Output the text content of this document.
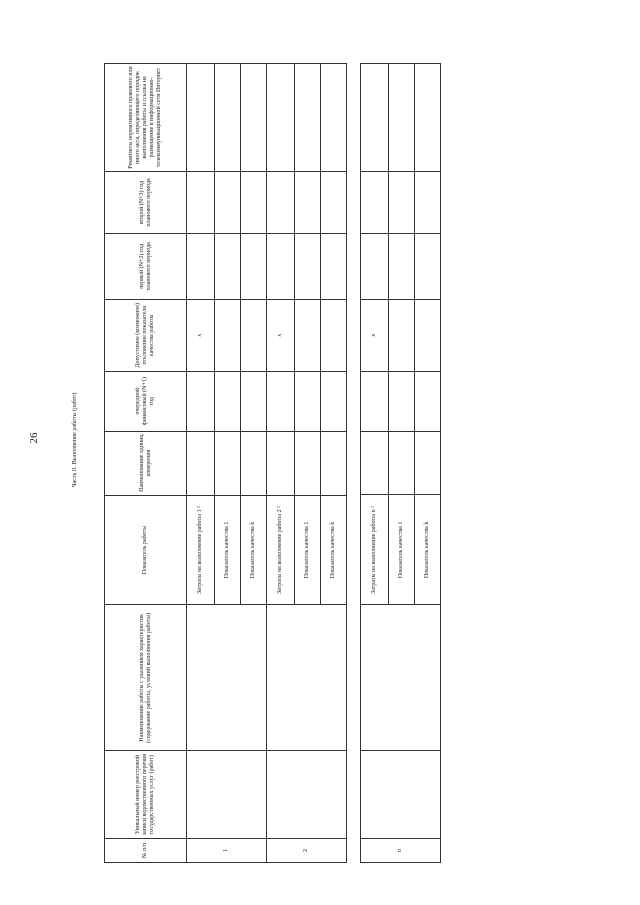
26	Часть II. Выполнение работы (работ)
№ п/п	Уникальный номер реестровой записи ведомственного перечня государственных услуг (работ)	Наименование работы с указанием характеристик (содержание работы, условий выполнения работы)	Показатель работы	Наименование единиц измерения	очередной финансовый (N+1) год	Допустимое (возможное) отклонение показателя качества работы	первый (N+2) год планового периода	второй (N+3) год планового периода	Реквизиты нормативного правового или иного акта, определяющего порядок выполнения работы и ссылка на размещение в информационно-телекоммуникационной сети Интернет
1			Затраты на выполнение работы 1 ²			x			
			Показатель качества 1						
			Показатель качества k						
2			Затраты на выполнение работы 2 ²			x			
			Показатель качества 1						
			Показатель качества k						
n			Затраты на выполнение работы n ²			x			
			Показатель качества 1						
			Показатель качества k						
